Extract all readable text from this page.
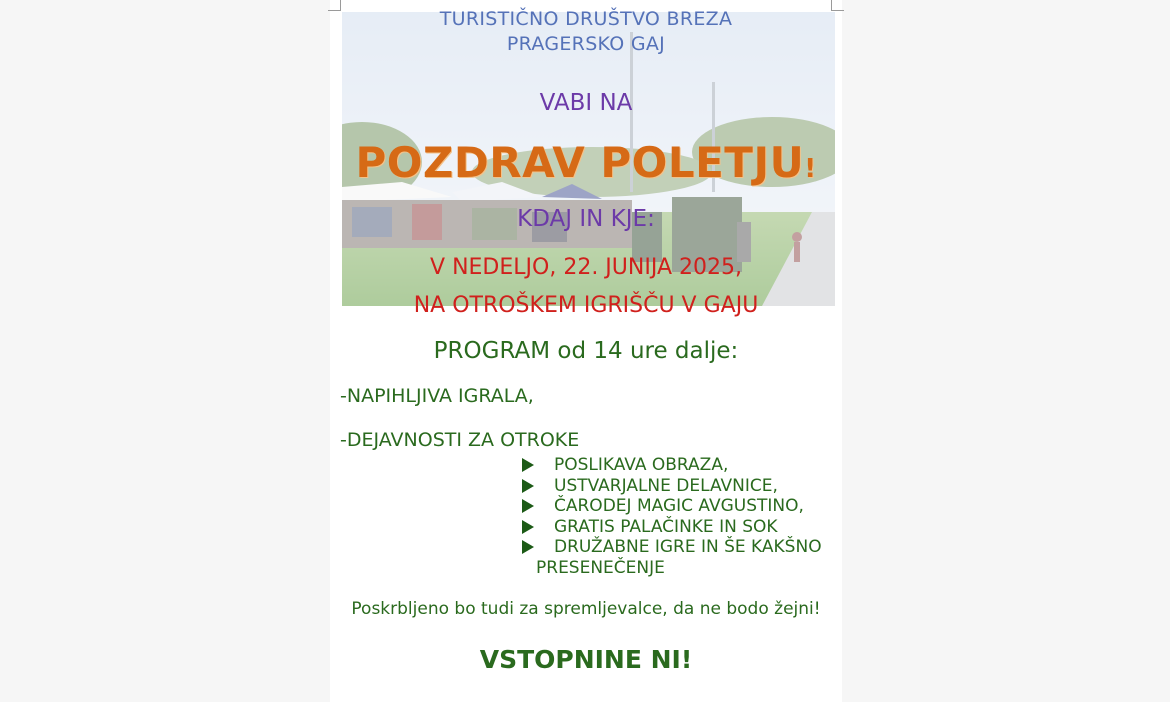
TURISTIČNO DRUŠTVO BREZA
PRAGERSKO GAJ
VABI NA
POZDRAV POLETJU!
KDAJ IN KJE:
V NEDELJO, 22. JUNIJA 2025,
NA OTROŠKEM IGRIŠČU V GAJU
PROGRAM od 14 ure dalje:
-NAPIHLJIVA IGRALA,
-DEJAVNOSTI ZA OTROKE
POSLIKAVA OBRAZA,
USTVARJALNE DELAVNICE,
ČARODEJ MAGIC AVGUSTINO,
GRATIS PALAČINKE IN SOK
DRUŽABNE IGRE IN ŠE KAKŠNO
PRESENEČENJE
Poskrbljeno bo tudi za spremljevalce, da ne bodo žejni!
VSTOPNINE NI!
